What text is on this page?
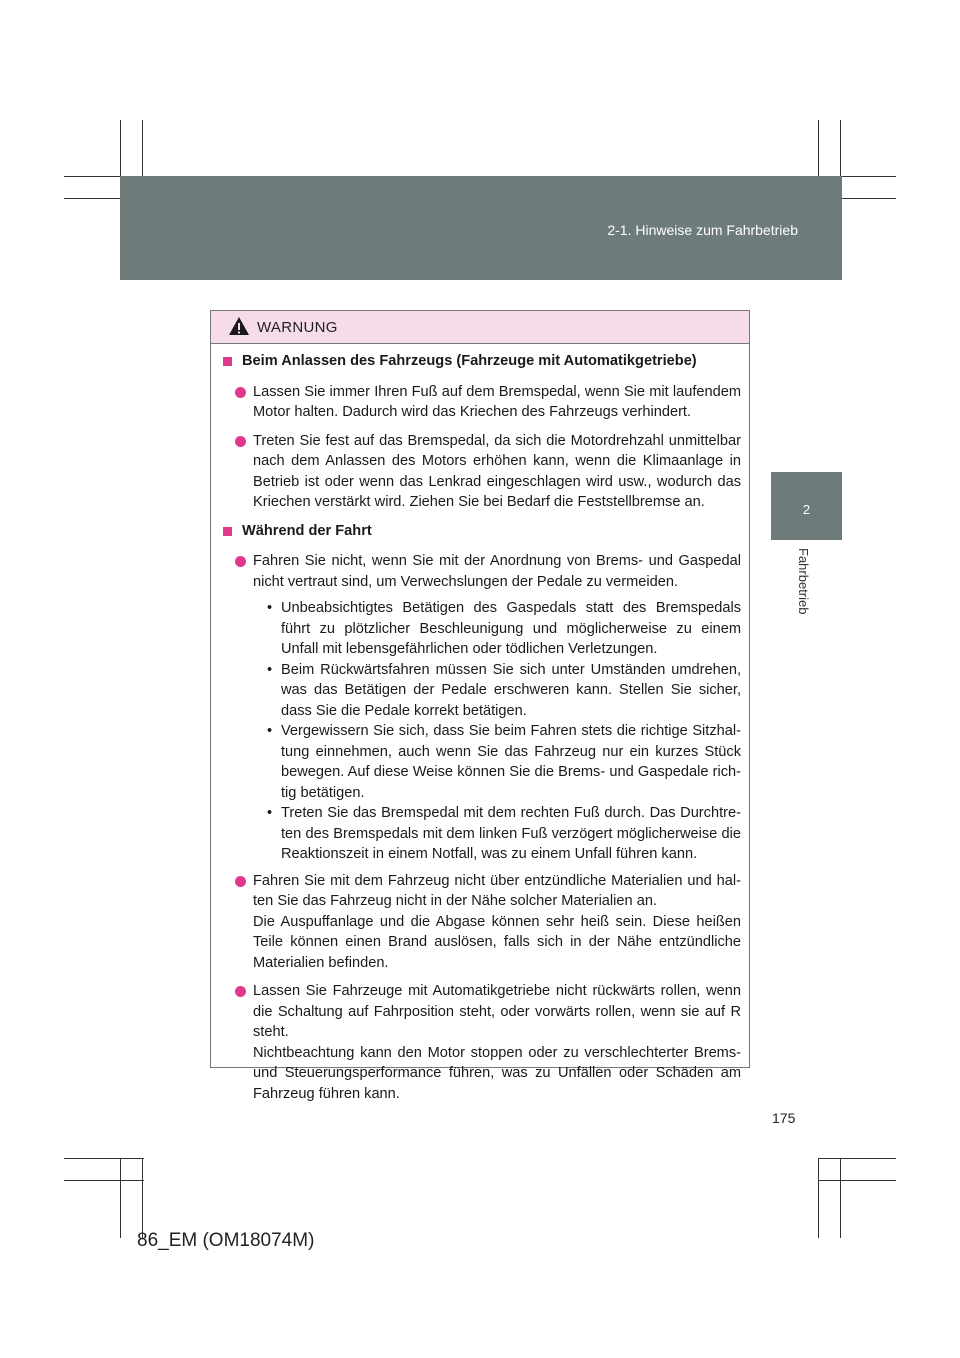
2-1. Hinweise zum Fahrbetrieb
2
Fahrbetrieb
WARNUNG
Beim Anlassen des Fahrzeugs (Fahrzeuge mit Automatikgetriebe)
Lassen Sie immer Ihren Fuß auf dem Bremspedal, wenn Sie mit laufendem Motor halten. Dadurch wird das Kriechen des Fahrzeugs verhindert.
Treten Sie fest auf das Bremspedal, da sich die Motordrehzahl unmittelbar nach dem Anlassen des Motors erhöhen kann, wenn die Klimaanlage in Betrieb ist oder wenn das Lenkrad eingeschlagen wird usw., wodurch das Kriechen verstärkt wird. Ziehen Sie bei Bedarf die Feststellbremse an.
Während der Fahrt
Fahren Sie nicht, wenn Sie mit der Anordnung von Brems- und Gaspedal nicht vertraut sind, um Verwechslungen der Pedale zu vermeiden.
• Unbeabsichtigtes Betätigen des Gaspedals statt des Bremspedals führt zu plötzlicher Beschleunigung und möglicherweise zu einem Unfall mit lebensgefährlichen oder tödlichen Verletzungen.
• Beim Rückwärtsfahren müssen Sie sich unter Umständen umdrehen, was das Betätigen der Pedale erschweren kann. Stellen Sie sicher, dass Sie die Pedale korrekt betätigen.
• Vergewissern Sie sich, dass Sie beim Fahren stets die richtige Sitzhaltung einnehmen, auch wenn Sie das Fahrzeug nur ein kurzes Stück bewegen. Auf diese Weise können Sie die Brems- und Gaspedale richtig betätigen.
• Treten Sie das Bremspedal mit dem rechten Fuß durch. Das Durchtreten des Bremspedals mit dem linken Fuß verzögert möglicherweise die Reaktionszeit in einem Notfall, was zu einem Unfall führen kann.
Fahren Sie mit dem Fahrzeug nicht über entzündliche Materialien und halten Sie das Fahrzeug nicht in der Nähe solcher Materialien an.
Die Auspuffanlage und die Abgase können sehr heiß sein. Diese heißen Teile können einen Brand auslösen, falls sich in der Nähe entzündliche Materialien befinden.
Lassen Sie Fahrzeuge mit Automatikgetriebe nicht rückwärts rollen, wenn die Schaltung auf Fahrposition steht, oder vorwärts rollen, wenn sie auf R steht.
Nichtbeachtung kann den Motor stoppen oder zu verschlechterter Brems- und Steuerungsperformance führen, was zu Unfällen oder Schäden am Fahrzeug führen kann.
175
86_EM (OM18074M)
